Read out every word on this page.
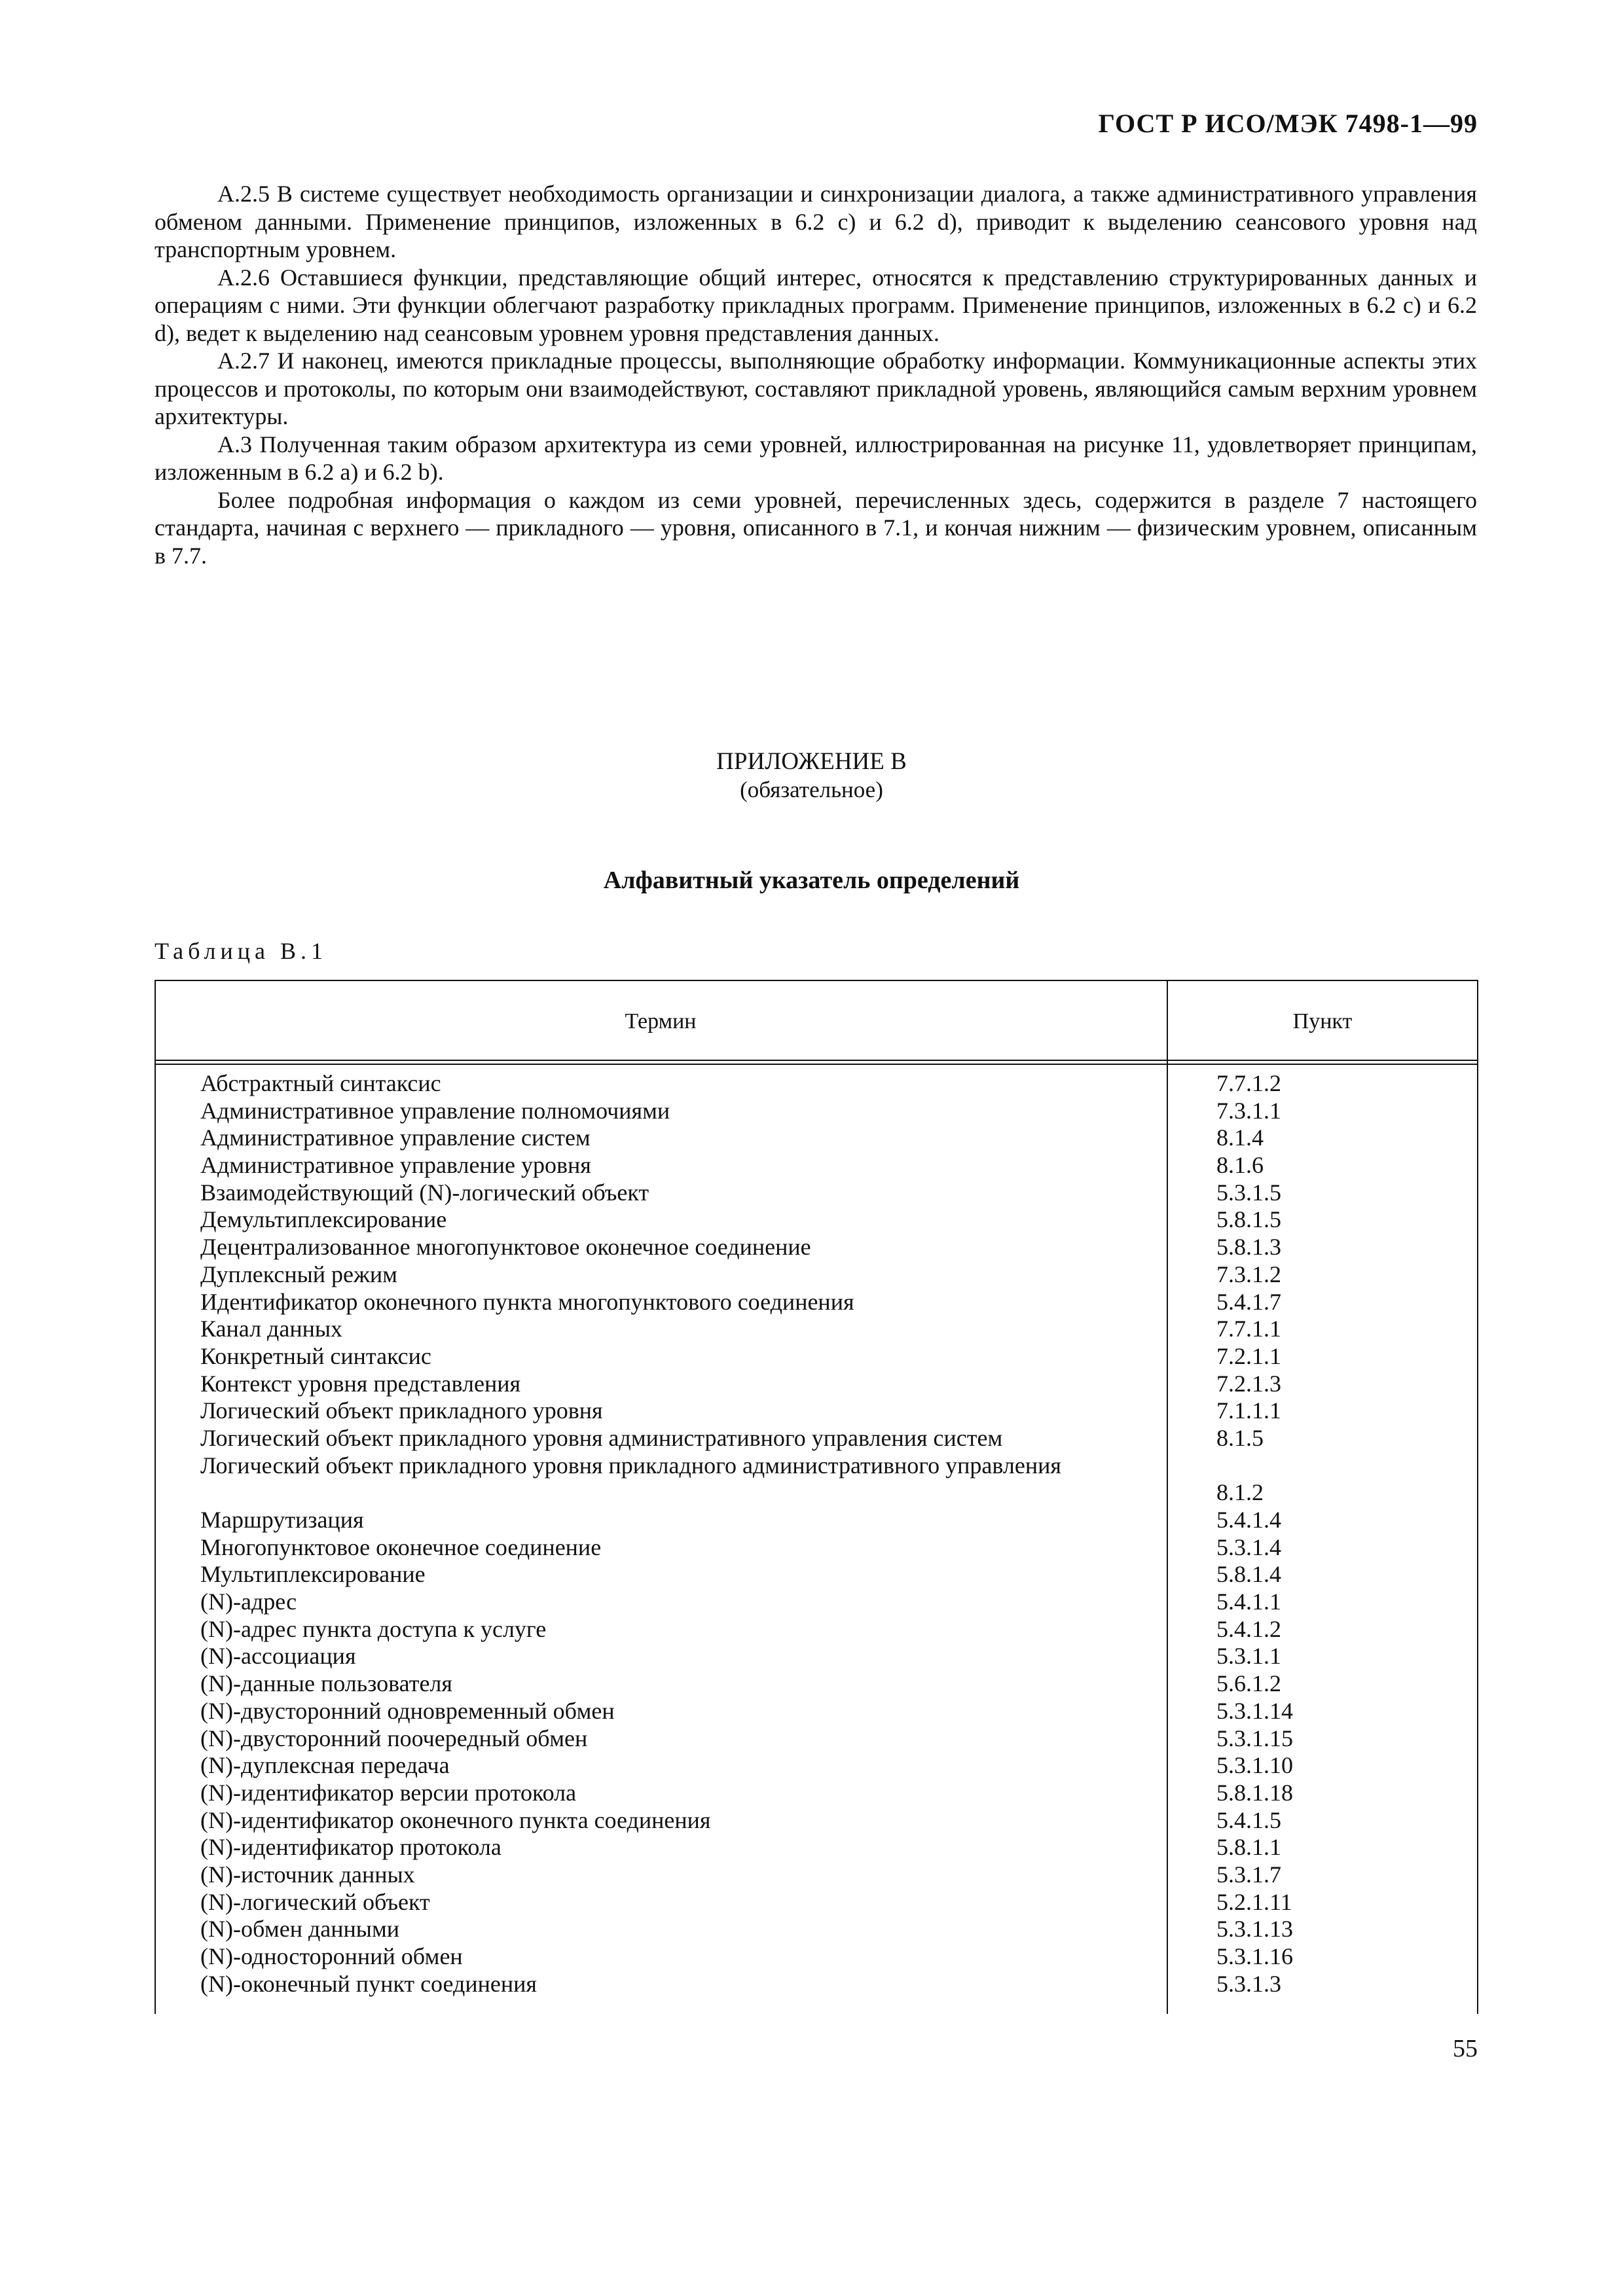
ГОСТ Р ИСО/МЭК 7498-1—99

А.2.5 В системе существует необходимость организации и синхронизации диалога, а также административного управления обменом данными. Применение принципов, изложенных в 6.2 с) и 6.2 d), приводит к выделению сеансового уровня над транспортным уровнем.

А.2.6 Оставшиеся функции, представляющие общий интерес, относятся к представлению структурированных данных и операциям с ними. Эти функции облегчают разработку прикладных программ. Применение принципов, изложенных в 6.2 с) и 6.2 d), ведет к выделению над сеансовым уровнем уровня представления данных.

А.2.7 И наконец, имеются прикладные процессы, выполняющие обработку информации. Коммуникационные аспекты этих процессов и протоколы, по которым они взаимодействуют, составляют прикладной уровень, являющийся самым верхним уровнем архитектуры.

А.3 Полученная таким образом архитектура из семи уровней, иллюстрированная на рисунке 11, удовлетворяет принципам, изложенным в 6.2 а) и 6.2 b).

Более подробная информация о каждом из семи уровней, перечисленных здесь, содержится в разделе 7 настоящего стандарта, начиная с верхнего — прикладного — уровня, описанного в 7.1, и кончая нижним — физическим уровнем, описанным в 7.7.

ПРИЛОЖЕНИЕ В
(обязательное)
Алфавитный указатель определений
Таблица В.1
Термин	Пункт
Абстрактный синтаксис	7.7.1.2
Административное управление полномочиями	7.3.1.1
Административное управление систем	8.1.4
Административное управление уровня	8.1.6
Взаимодействующий (N)-логический объект	5.3.1.5
Демультиплексирование	5.8.1.5
Децентрализованное многопунктовое оконечное соединение	5.8.1.3
Дуплексный режим	7.3.1.2
Идентификатор оконечного пункта многопунктового соединения	5.4.1.7
Канал данных	7.7.1.1
Конкретный синтаксис	7.2.1.1
Контекст уровня представления	7.2.1.3
Логический объект прикладного уровня	7.1.1.1
Логический объект прикладного уровня административного управления систем	8.1.5
Логический объект прикладного уровня прикладного административного управления
8.1.2
Маршрутизация	5.4.1.4
Многопунктовое оконечное соединение	5.3.1.4
Мультиплексирование	5.8.1.4
(N)-адрес	5.4.1.1
(N)-адрес пункта доступа к услуге	5.4.1.2
(N)-ассоциация	5.3.1.1
(N)-данные пользователя	5.6.1.2
(N)-двусторонний одновременный обмен	5.3.1.14
(N)-двусторонний поочередный обмен	5.3.1.15
(N)-дуплексная передача	5.3.1.10
(N)-идентификатор версии протокола	5.8.1.18
(N)-идентификатор оконечного пункта соединения	5.4.1.5
(N)-идентификатор протокола	5.8.1.1
(N)-источник данных	5.3.1.7
(N)-логический объект	5.2.1.11
(N)-обмен данными	5.3.1.13
(N)-односторонний обмен	5.3.1.16
(N)-оконечный пункт соединения	5.3.1.3
55
